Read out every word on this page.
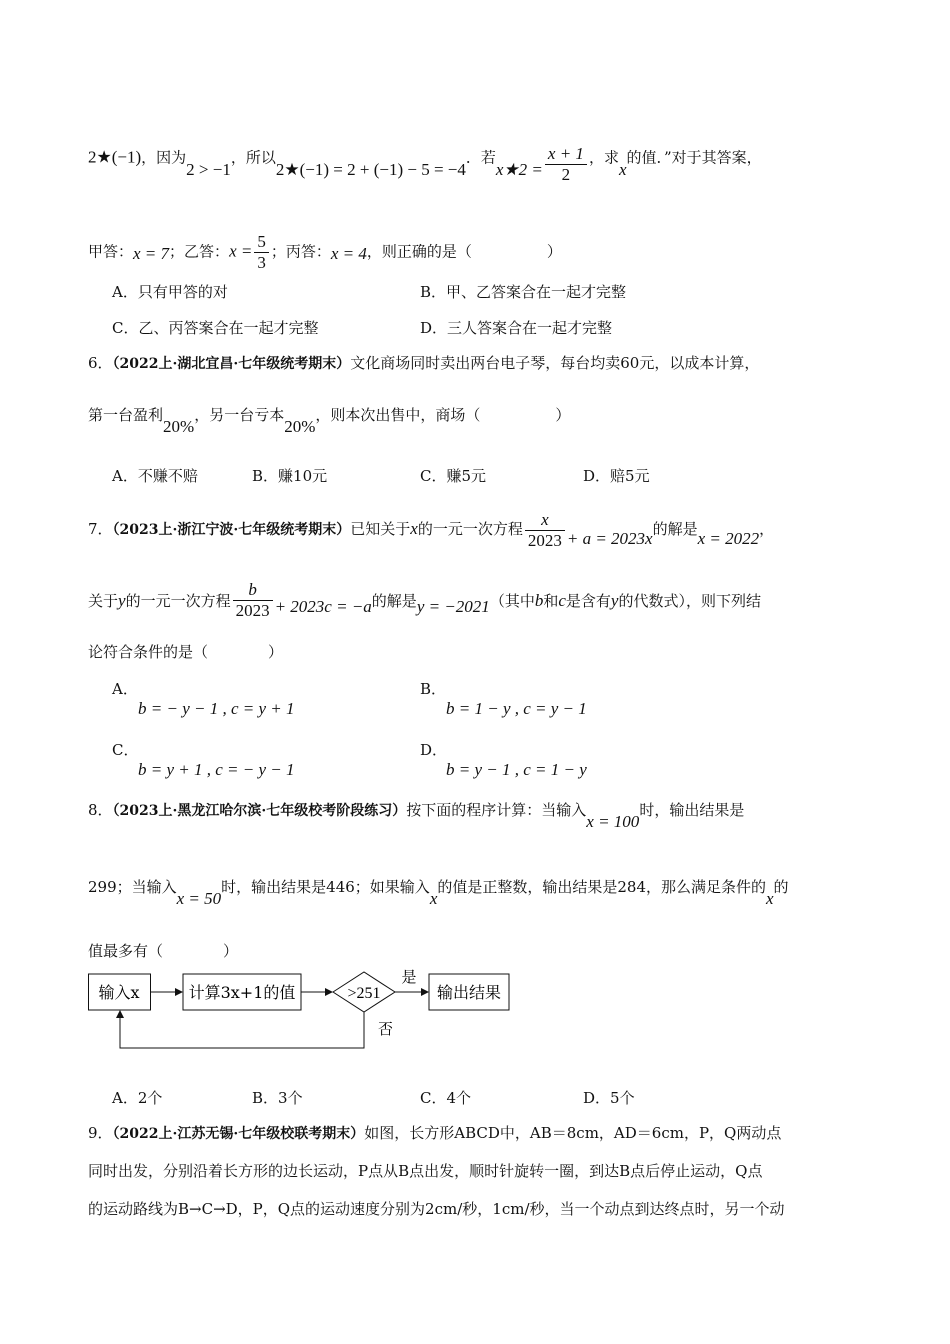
2★(−1)，因为2 > −1，所以2★(−1) = 2 + (−1) − 5 = −4．若x★2 = $\frac{x + 1}{2}$ ，求x的值．”对于其答案，
甲答：x = 7；乙答：$x = \frac{5}{3}$ ；丙答：x = 4，则正确的是（　　　　　）
A．只有甲答的对	B．甲、乙答案合在一起才完整
C．乙、丙答案合在一起才完整	D．三人答案合在一起才完整
6．（2022上·湖北宜昌·七年级统考期末）文化商场同时卖出两台电子琴，每台均卖60元，以成本计算，
第一台盈利20%，另一台亏本20%，则本次出售中，商场（　　　　　）
A．不赚不赔	B．赚10元	C．赚5元	D．赔5元
7．（2023上·浙江宁波·七年级统考期末）已知关于x的一元一次方程 $\frac{x}{2023} + a = 2023x$的解是x = 2022，
关于y的一元一次方程 $\frac{b}{2023} + 2023c = -a$的解是y = −2021（其中b和c是含有y的代数式），则下列结
论符合条件的是（　　　　）
A．
b = − y − 1 , c = y + 1
B．
b = 1 − y , c = y − 1
C．
b = y + 1 , c = − y − 1
D．
b = y − 1 , c = 1 − y
8．（2023上·黑龙江哈尔滨·七年级校考阶段练习）按下面的程序计算：当输入x = 100时，输出结果是
299；当输入x = 50时，输出结果是446；如果输入x的值是正整数，输出结果是284，那么满足条件的x的
值最多有（　　　　）
输入x	计算3x+1的值	>251
是
输出结果
否
A．2个	B．3个	C．4个	D．5个
9．（2022上·江苏无锡·七年级校联考期末）如图，长方形ABCD中，AB＝8cm，AD＝6cm，P，Q两动点
同时出发，分别沿着长方形的边长运动，P点从B点出发，顺时针旋转一圈，到达B点后停止运动，Q点
的运动路线为B→C→D，P，Q点的运动速度分别为2cm/秒，1cm/秒，当一个动点到达终点时，另一个动
